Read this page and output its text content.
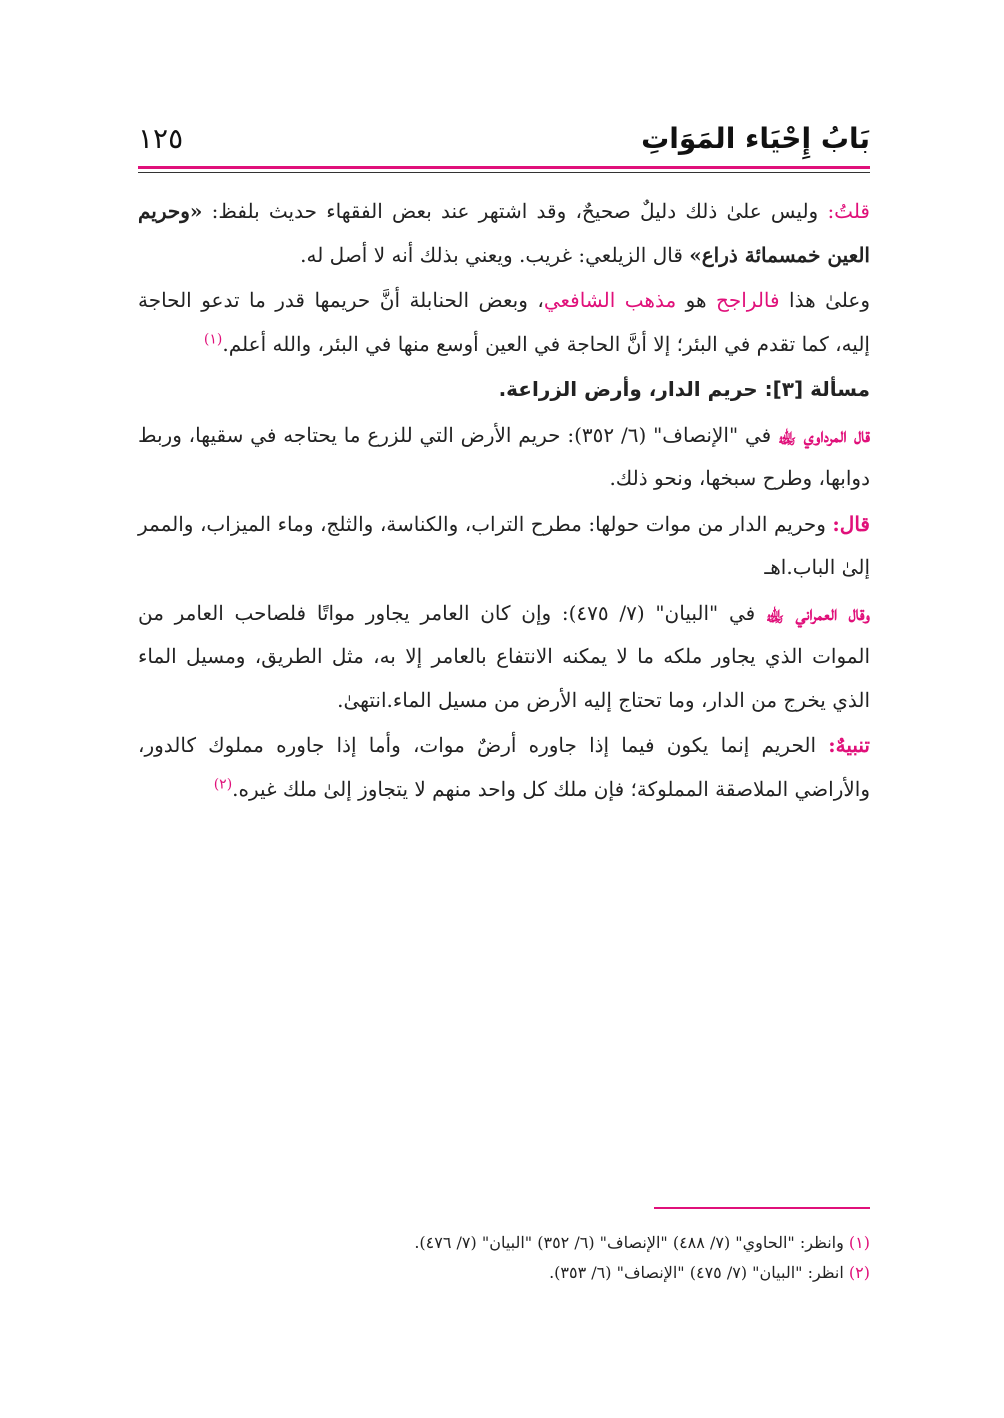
بَابُ إِحْيَاء المَوَاتِ
١٢٥

قلتُ: وليس علىٰ ذلك دليلٌ صحيحٌ، وقد اشتهر عند بعض الفقهاء حديث بلفظ: «وحريم العين خمسمائة ذراع» قال الزيلعي: غريب. ويعني بذلك أنه لا أصل له.

وعلىٰ هذا فالراجح هو مذهب الشافعي، وبعض الحنابلة أنَّ حريمها قدر ما تدعو الحاجة إليه، كما تقدم في البئر؛ إلا أنَّ الحاجة في العين أوسع منها في البئر، والله أعلم.$^{(١)}$

مسألة [٣]: حريم الدار، وأرض الزراعة.

قال المرداوي ﵀ في "الإنصاف" (٦/ ٣٥٢): حريم الأرض التي للزرع ما يحتاجه في سقيها، وربط دوابها، وطرح سبخها، ونحو ذلك.

قال: وحريم الدار من موات حولها: مطرح التراب، والكناسة، والثلج، وماء الميزاب، والممر إلىٰ الباب.اهـ

وقال العمراني ﵀ في "البيان" (٧/ ٤٧٥): وإن كان العامر يجاور مواتًا فلصاحب العامر من الموات الذي يجاور ملكه ما لا يمكنه الانتفاع بالعامر إلا به، مثل الطريق، ومسيل الماء الذي يخرج من الدار، وما تحتاج إليه الأرض من مسيل الماء.انتهىٰ.

تنبيهٌ: الحريم إنما يكون فيما إذا جاوره أرضٌ موات، وأما إذا جاوره مملوك كالدور، والأراضي الملاصقة المملوكة؛ فإن ملك كل واحد منهم لا يتجاوز إلىٰ ملك غيره.$^{(٢)}$

(١) وانظر: "الحاوي" (٧/ ٤٨٨) "الإنصاف" (٦/ ٣٥٢) "البيان" (٧/ ٤٧٦).

(٢) انظر: "البيان" (٧/ ٤٧٥) "الإنصاف" (٦/ ٣٥٣).
